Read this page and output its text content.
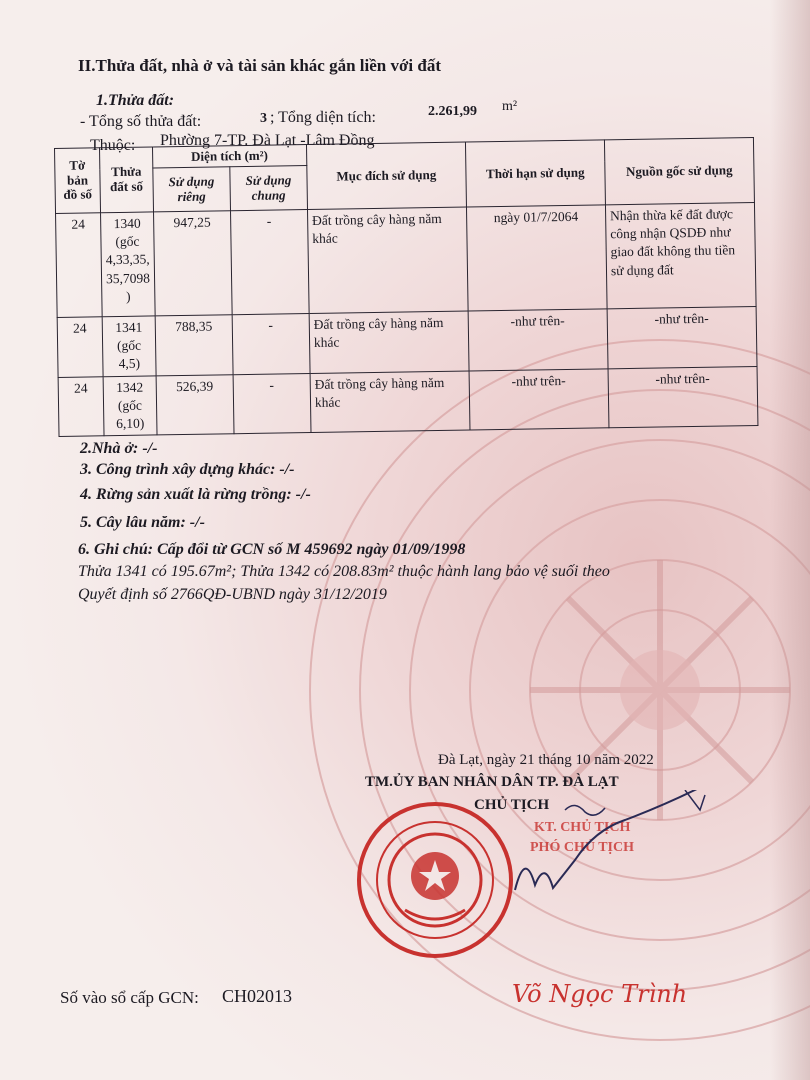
II.Thửa đất, nhà ở và tài sản khác gắn liền với đất
1.Thửa đất:
- Tổng số thửa đất:	3 ; Tổng diện tích:	2.261,99 m²
Thuộc: Phường 7-TP. Đà Lạt -Lâm Đồng
Tờ bản đồ số	Thửa đất số	Diện tích (m²)		Mục đích sử dụng	Thời hạn sử dụng	Nguồn gốc sử dụng
		Sử dụng riêng	Sử dụng chung			
24	1340 (gốc 4,33,35, 35,7098 )	947,25	-	Đất trồng cây hàng năm khác	ngày 01/7/2064	Nhận thừa kế đất được công nhận QSDĐ như giao đất không thu tiền sử dụng đất
24	1341 (gốc 4,5)	788,35	-	Đất trồng cây hàng năm khác	-như trên-	-như trên-
24	1342 (gốc 6,10)	526,39	-	Đất trồng cây hàng năm khác	-như trên-	-như trên-
2.Nhà ở: -/-
3. Công trình xây dựng khác: -/-
4. Rừng sản xuất là rừng trồng: -/-
5. Cây lâu năm: -/-
6. Ghi chú: Cấp đổi từ GCN số M 459692 ngày 01/09/1998
Thửa 1341 có 195.67m²; Thửa 1342 có 208.83m² thuộc hành lang bảo vệ suối theo
Quyết định số 2766QĐ-UBND ngày 31/12/2019
Đà Lạt, ngày 21 tháng 10 năm 2022
TM.ỦY BAN NHÂN DÂN TP. ĐÀ LẠT
CHỦ TỊCH
KT. CHỦ TỊCH
PHÓ CHỦ TỊCH
Võ Ngọc Trình
Số vào sổ cấp GCN: CH02013
